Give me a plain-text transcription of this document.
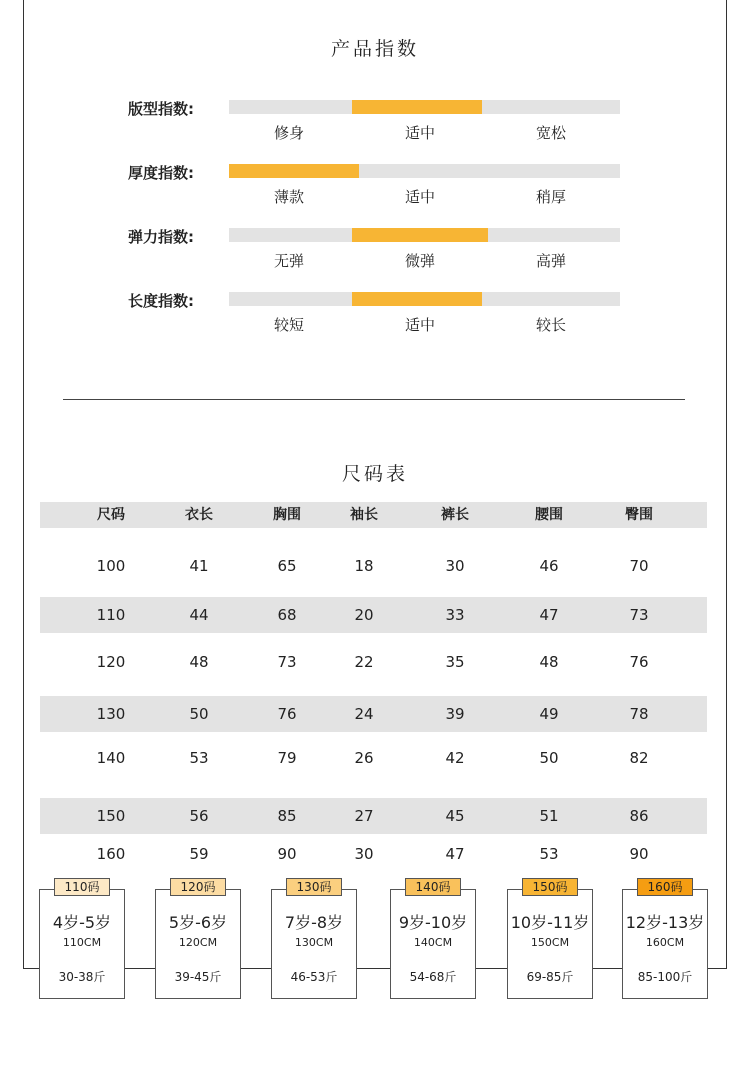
产品指数
版型指数:
修身	适中	宽松
厚度指数:
薄款	适中	稍厚
弹力指数:
无弹	微弹	高弹
长度指数:
较短	适中	较长
尺码表
尺码	衣长	胸围	袖长	裤长	腰围	臀围
100	41	65	18	30	46	70
110	44	68	20	33	47	73
120	48	73	22	35	48	76
130	50	76	24	39	49	78
140	53	79	26	42	50	82
150	56	85	27	45	51	86
160	59	90	30	47	53	90
4岁-5岁
110CM
30-38斤
110码
5岁-6岁
120CM
39-45斤
120码
7岁-8岁
130CM
46-53斤
130码
9岁-10岁
140CM
54-68斤
140码
10岁-11岁
150CM
69-85斤
150码
12岁-13岁
160CM
85-100斤
160码
